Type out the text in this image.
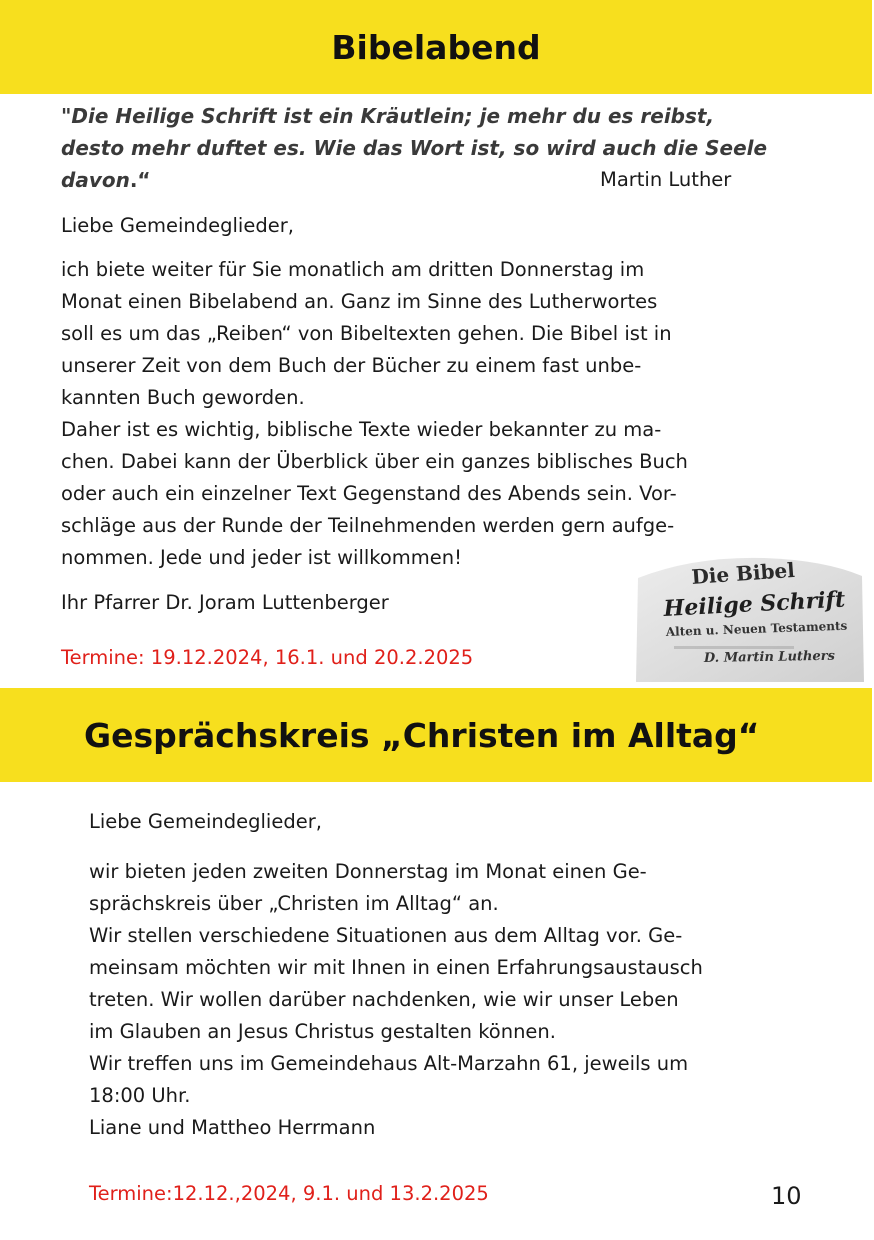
Bibelabend
"Die Heilige Schrift ist ein Kräutlein; je mehr du es reibst, desto mehr duftet es. Wie das Wort ist, so wird auch die Seele davon.“	Martin Luther
Liebe Gemeindeglieder,
ich biete weiter für Sie monatlich am dritten Donnerstag im
Monat einen Bibelabend an. Ganz im Sinne des Lutherwortes
soll es um das „Reiben“ von Bibeltexten gehen. Die Bibel ist in
unserer Zeit von dem Buch der Bücher zu einem fast unbe-
kannten Buch geworden.
Daher ist es wichtig, biblische Texte wieder bekannter zu ma-
chen. Dabei kann der Überblick über ein ganzes biblisches Buch
oder auch ein einzelner Text Gegenstand des Abends sein. Vor-
schläge aus der Runde der Teilnehmenden werden gern aufge-
nommen. Jede und jeder ist willkommen!
Ihr Pfarrer Dr. Joram Luttenberger
Termine: 19.12.2024, 16.1. und 20.2.2025
Die Bibel
Heilige Schrift
Alten u. Neuen Testaments
D. Martin Luthers
Gesprächskreis „Christen im Alltag“
Liebe Gemeindeglieder,
wir bieten jeden zweiten Donnerstag im Monat einen Ge-
sprächskreis über „Christen im Alltag“ an.
Wir stellen verschiedene Situationen aus dem Alltag vor. Ge-
meinsam möchten wir mit Ihnen in einen Erfahrungsaustausch
treten. Wir wollen darüber nachdenken, wie wir unser Leben
im Glauben an Jesus Christus gestalten können.
Wir treffen uns im Gemeindehaus Alt-Marzahn 61, jeweils um
18:00 Uhr.
Liane und Mattheo Herrmann
Termine:12.12.,2024, 9.1. und 13.2.2025	10
